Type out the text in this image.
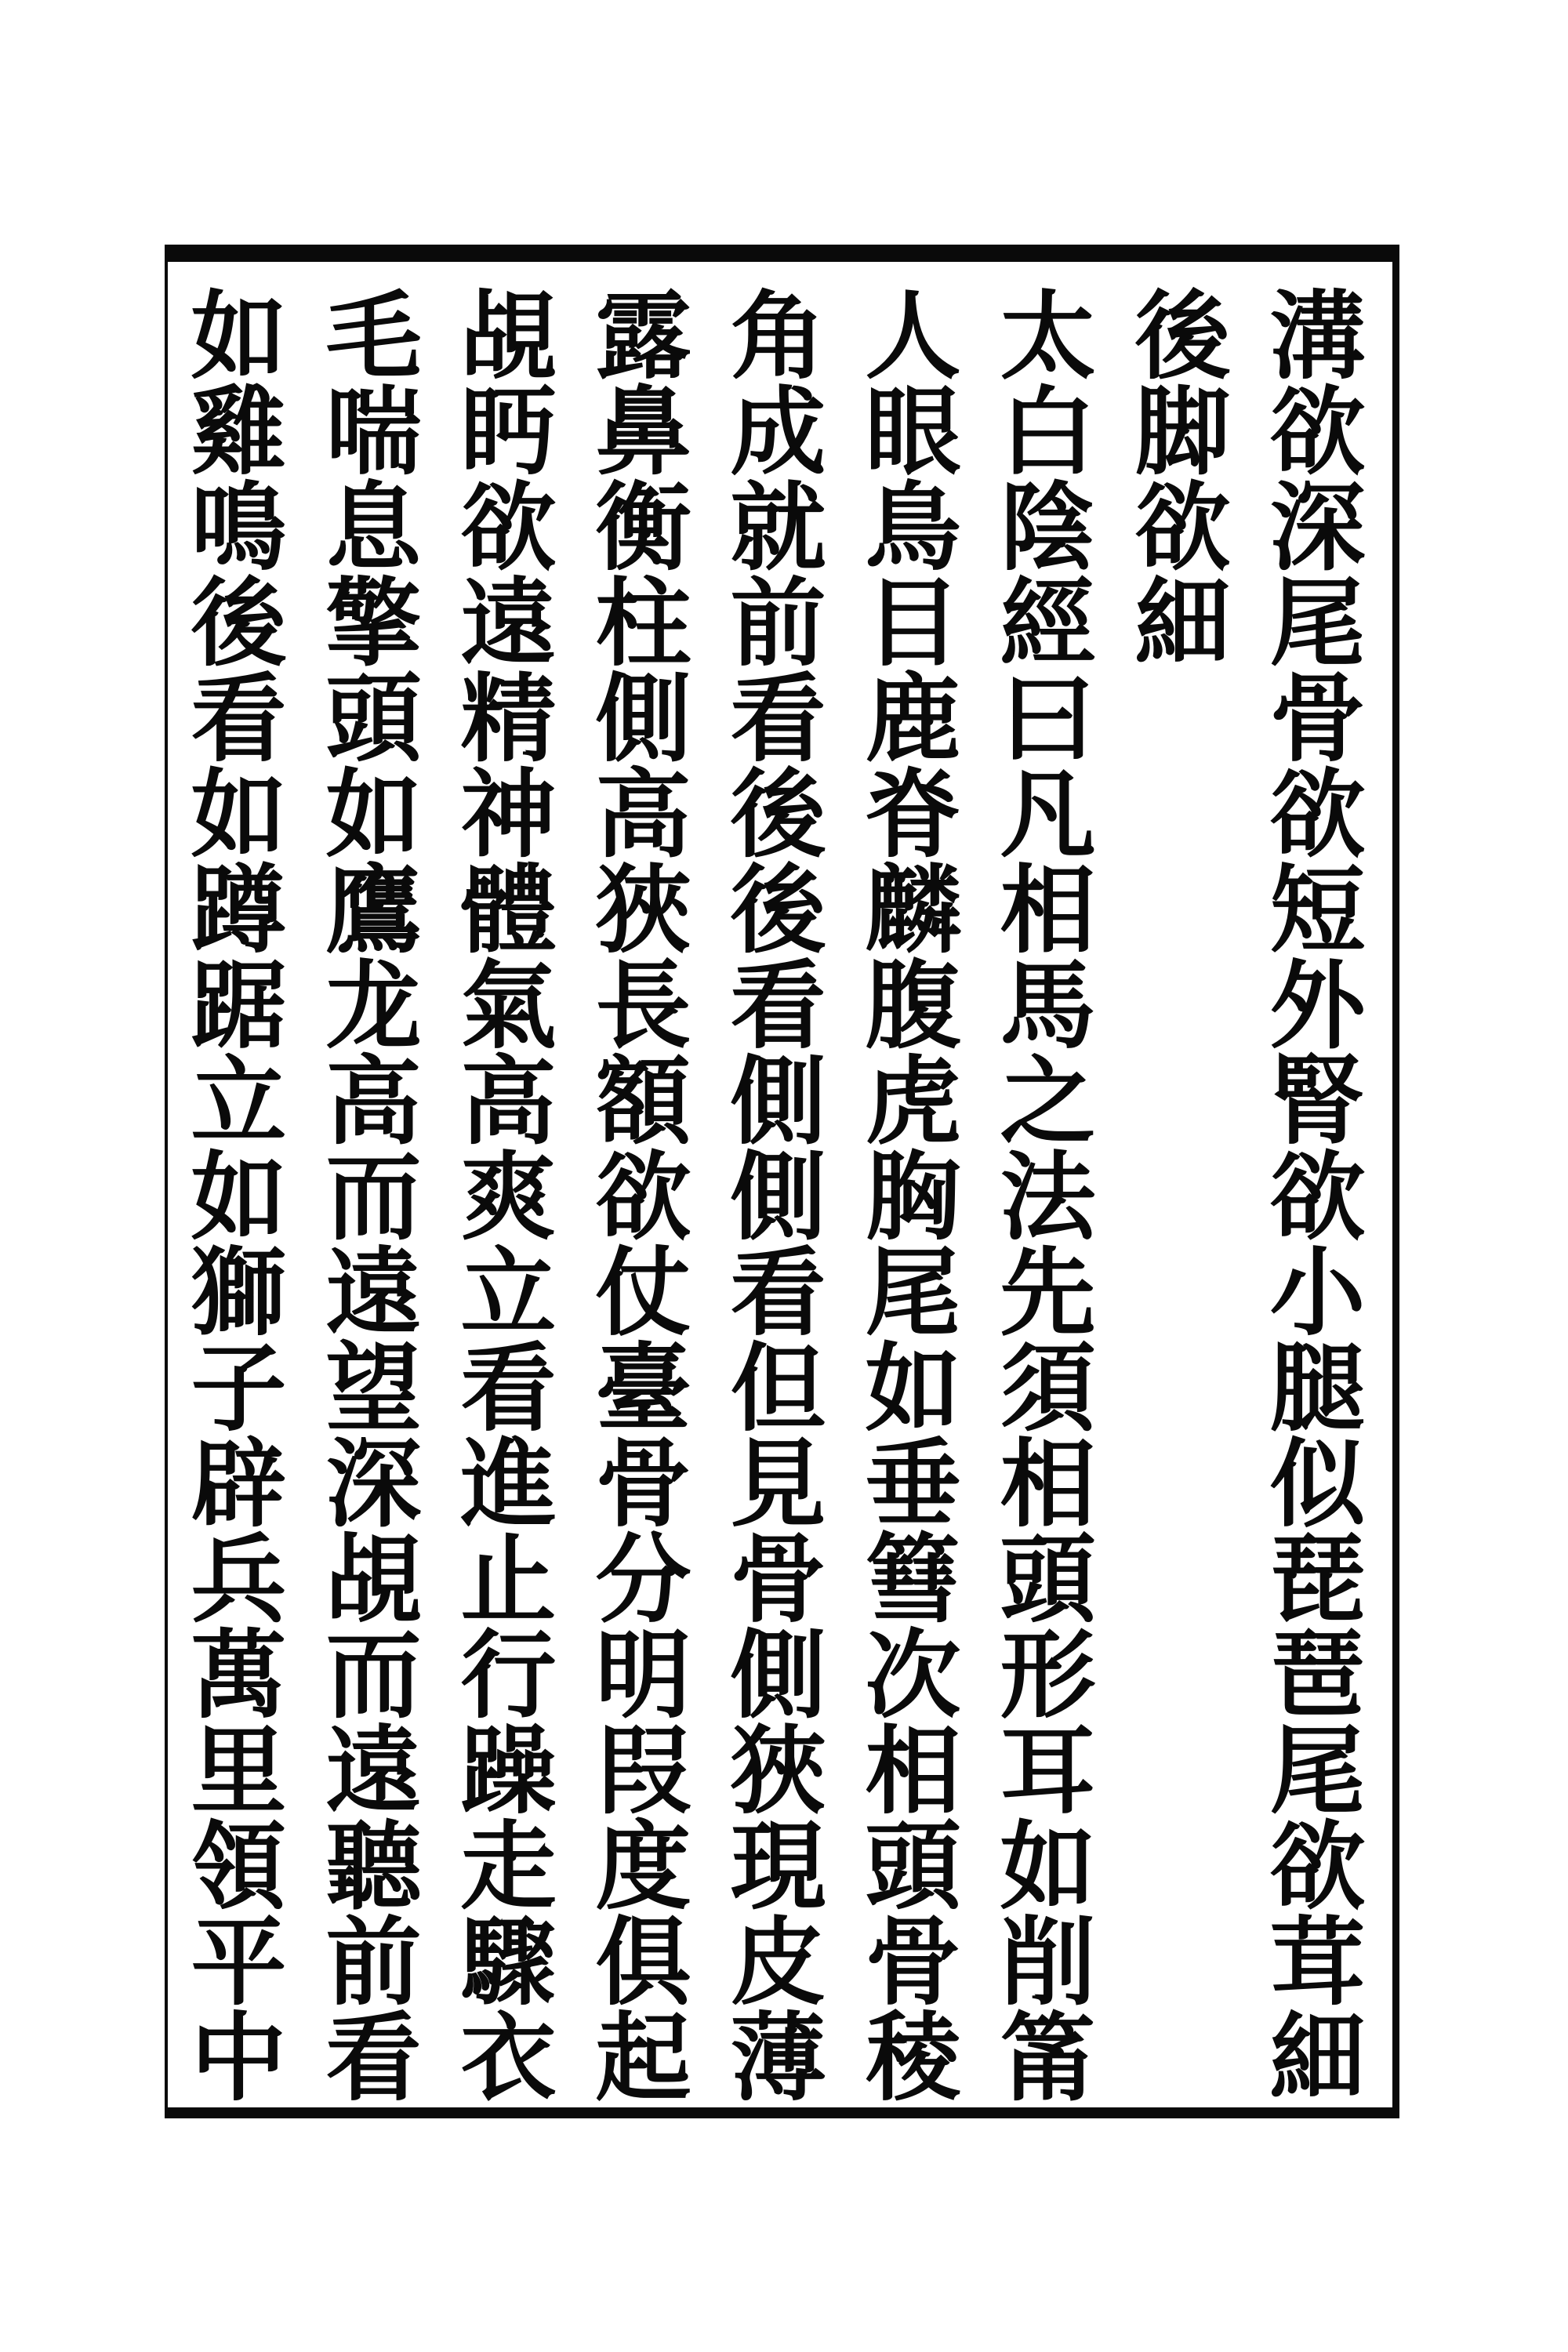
溝欲深尾骨欲短外腎欲小腿似琵琶尾欲茸細
後脚欲細
太白陰經曰凡相馬之法先須相頭形耳如削筩
人眼鳥目鹿脊麟腹虎胸尾如垂篲次相頭骨稜
角成就前看後後看側側看但見骨側狹現皮薄
露鼻衡柱側高狹長額欲仗臺骨分明叚度俱起
覘眄欲遠精神體氣高爽立看進止行躁走驟衣
毛喘息擎頭如鷹龙高而遠望深覘而遠聽前看
如雞鳴後看如蹲踞立如獅子辟兵萬里領平中
